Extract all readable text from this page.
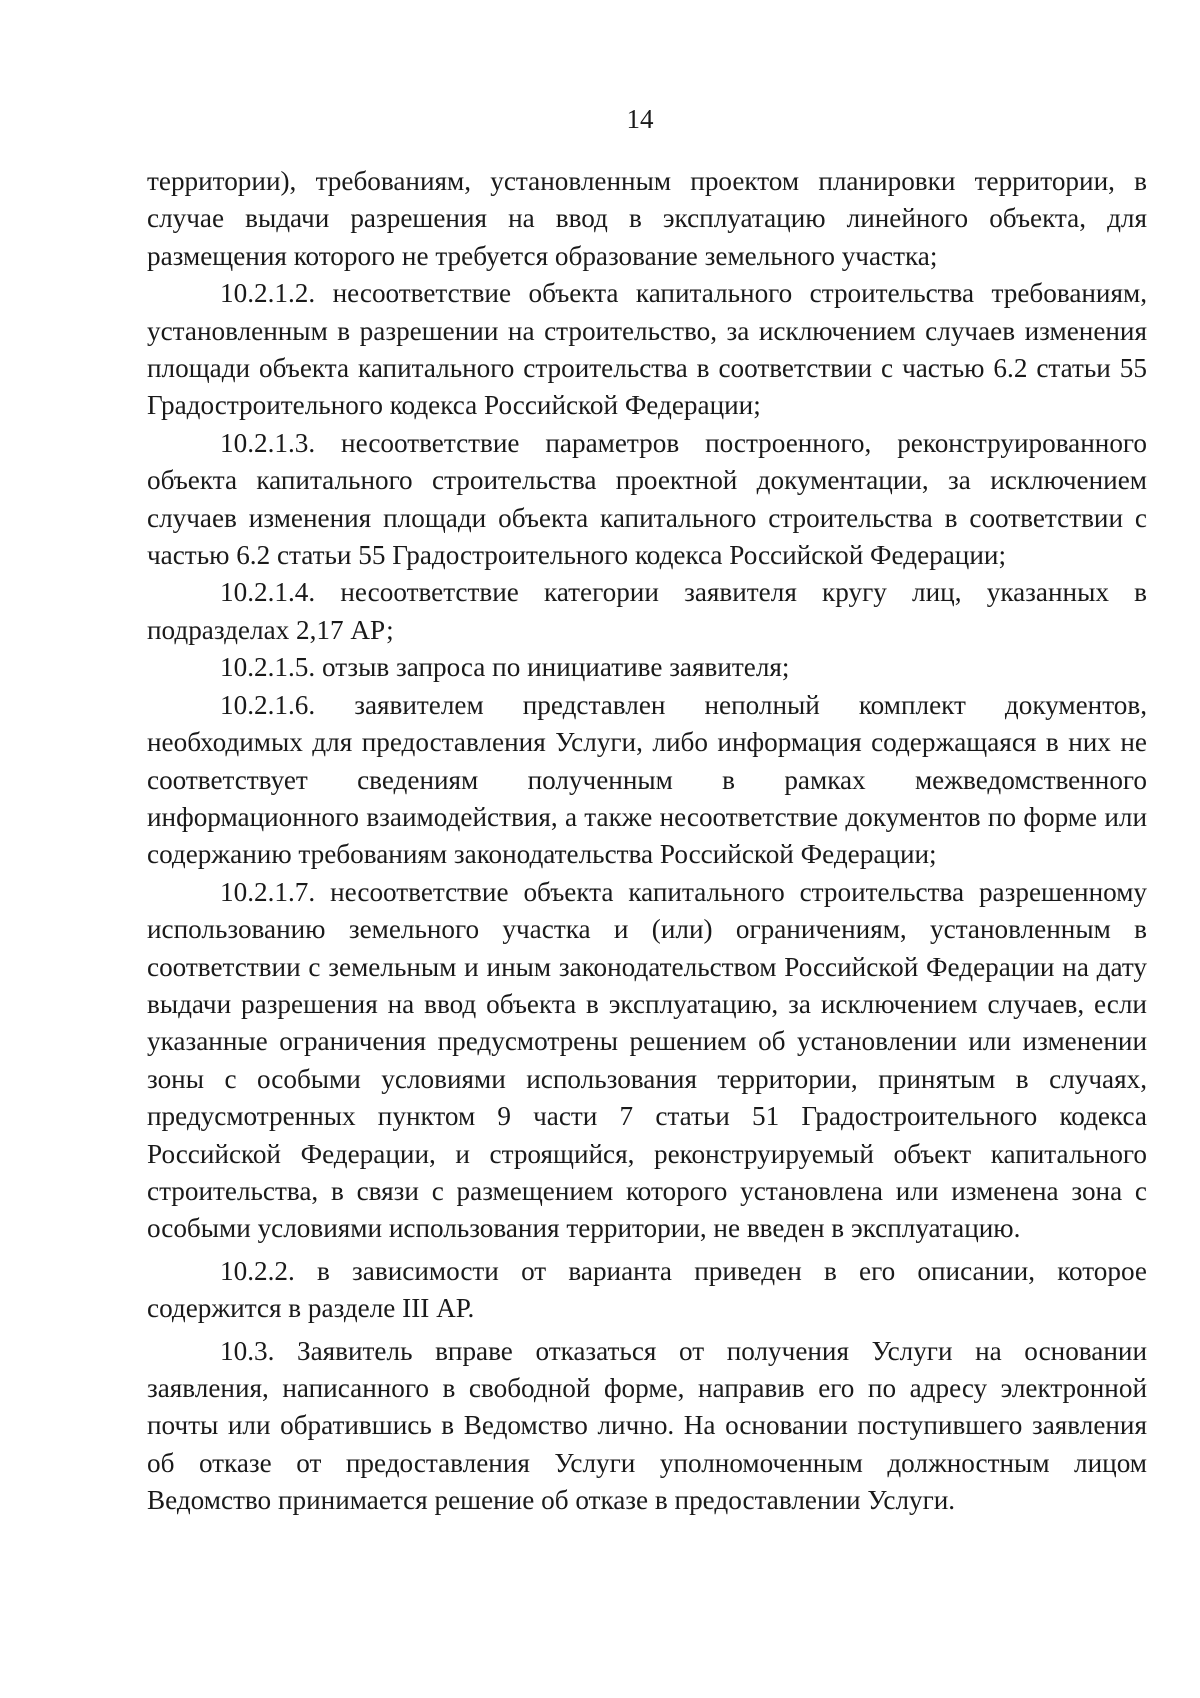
14

территории), требованиям, установленным проектом планировки территории, в случае выдачи разрешения на ввод в эксплуатацию линейного объекта, для размещения которого не требуется образование земельного участка;

10.2.1.2. несоответствие объекта капитального строительства требованиям, установленным в разрешении на строительство, за исключением случаев изменения площади объекта капитального строительства в соответствии с частью 6.2 статьи 55 Градостроительного кодекса Российской Федерации;

10.2.1.3. несоответствие параметров построенного, реконструированного объекта капитального строительства проектной документации, за исключением случаев изменения площади объекта капитального строительства в соответствии с частью 6.2 статьи 55 Градостроительного кодекса Российской Федерации;

10.2.1.4. несоответствие категории заявителя кругу лиц, указанных в подразделах 2,17 АР;

10.2.1.5. отзыв запроса по инициативе заявителя;

10.2.1.6. заявителем представлен неполный комплект документов, необходимых для предоставления Услуги, либо информация содержащаяся в них не соответствует сведениям полученным в рамках межведомственного информационного взаимодействия, а также несоответствие документов по форме или содержанию требованиям законодательства Российской Федерации;

10.2.1.7. несоответствие объекта капитального строительства разрешенному использованию земельного участка и (или) ограничениям, установленным в соответствии с земельным и иным законодательством Российской Федерации на дату выдачи разрешения на ввод объекта в эксплуатацию, за исключением случаев, если указанные ограничения предусмотрены решением об установлении или изменении зоны с особыми условиями использования территории, принятым в случаях, предусмотренных пунктом 9 части 7 статьи 51 Градостроительного кодекса Российской Федерации, и строящийся, реконструируемый объект капитального строительства, в связи с размещением которого установлена или изменена зона с особыми условиями использования территории, не введен в эксплуатацию.

10.2.2. в зависимости от варианта приведен в его описании, которое содержится в разделе III АР.

10.3. Заявитель вправе отказаться от получения Услуги на основании заявления, написанного в свободной форме, направив его по адресу электронной почты или обратившись в Ведомство лично. На основании поступившего заявления об отказе от предоставления Услуги уполномоченным должностным лицом Ведомство принимается решение об отказе в предоставлении Услуги.
